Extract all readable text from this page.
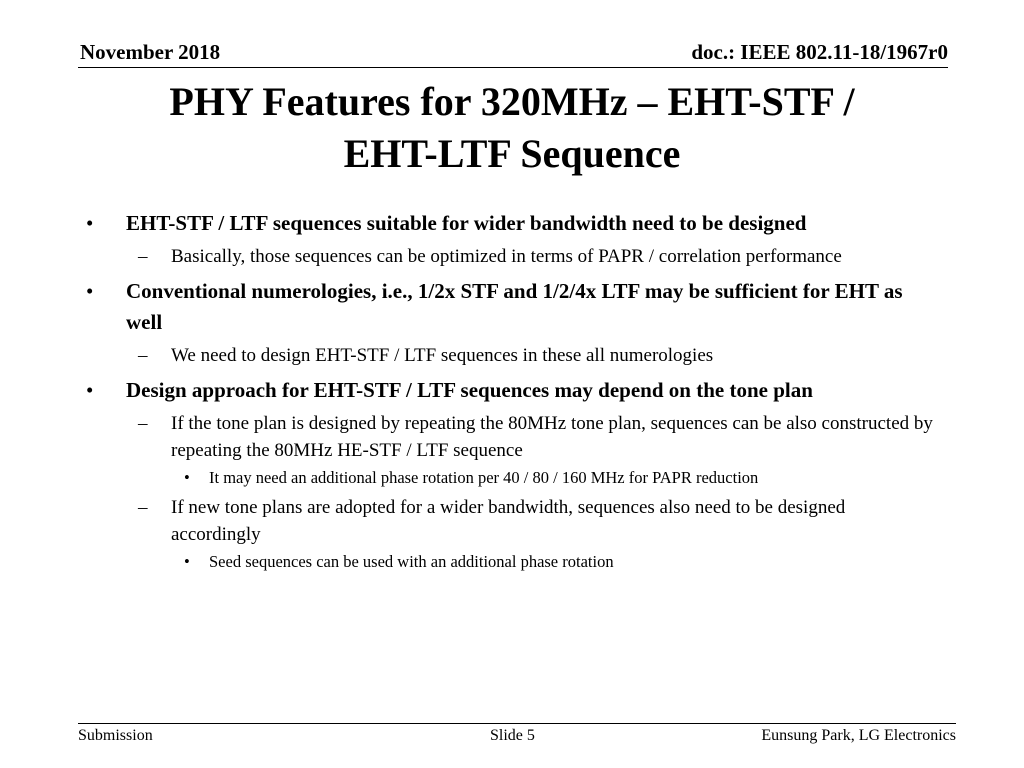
November 2018	doc.: IEEE 802.11-18/1967r0
PHY Features for 320MHz – EHT-STF /
EHT-LTF Sequence
• EHT-STF / LTF sequences suitable for wider bandwidth need to be designed
– Basically, those sequences can be optimized in terms of PAPR / correlation performance
• Conventional numerologies, i.e., 1/2x STF and 1/2/4x LTF may be sufficient for EHT as well
– We need to design EHT-STF / LTF sequences in these all numerologies
• Design approach for EHT-STF / LTF sequences may depend on the tone plan
– If the tone plan is designed by repeating the 80MHz tone plan, sequences can be also constructed by repeating the 80MHz HE-STF / LTF sequence
• It may need an additional phase rotation per 40 / 80 / 160 MHz for PAPR reduction
– If new tone plans are adopted for a wider bandwidth, sequences also need to be designed accordingly
• Seed sequences can be used with an additional phase rotation
Submission	Slide 5	Eunsung Park, LG Electronics
